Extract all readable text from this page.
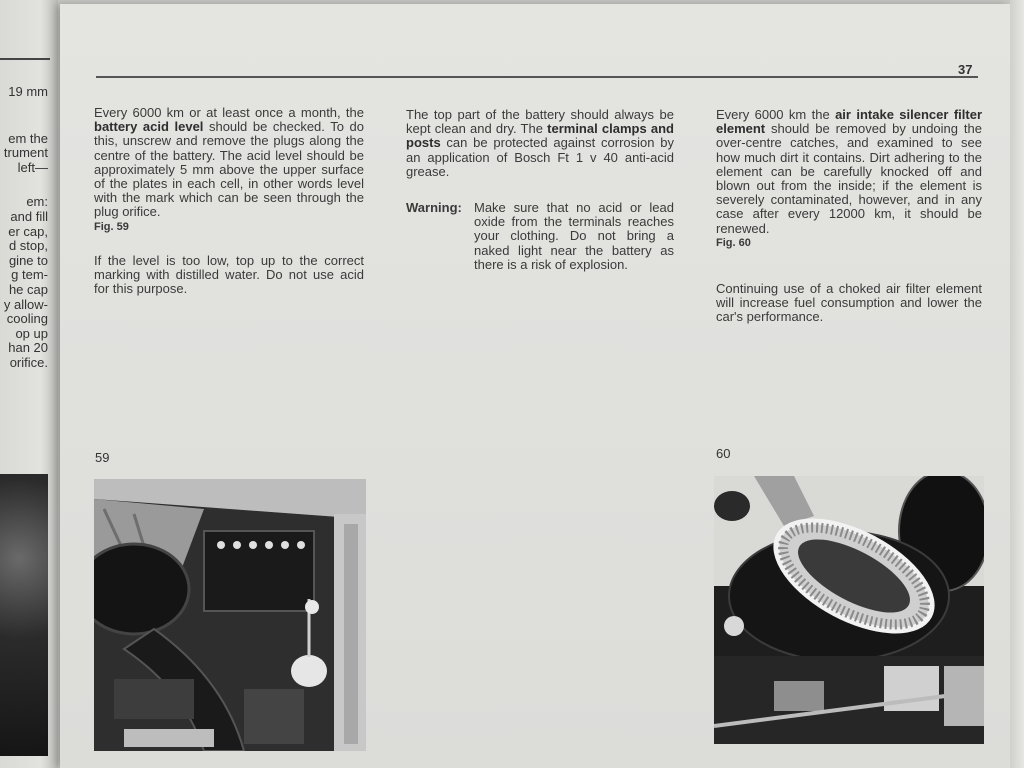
19 mm
em the
trument
left—
em:
and fill
er cap,
d stop,
gine to
g tem-
he cap
y allow-
cooling
op up
han 20
orifice.
37

Every 6000 km or at least once a month, the battery acid level should be checked. To do this, unscrew and remove the plugs along the centre of the battery. The acid level should be approximately 5 mm above the upper surface of the plates in each cell, in other words level with the mark which can be seen through the plug orifice.

Fig. 59

If the level is too low, top up to the correct marking with distilled water. Do not use acid for this purpose.

The top part of the battery should always be kept clean and dry. The terminal clamps and posts can be protected against corrosion by an application of Bosch Ft 1 v 40 anti-acid grease.

Warning: Make sure that no acid or lead oxide from the terminals reaches your clothing. Do not bring a naked light near the battery as there is a risk of explosion.

Every 6000 km the air intake silencer filter element should be removed by undoing the over-centre catches, and examined to see how much dirt it contains. Dirt adhering to the element can be carefully knocked off and blown out from the inside; if the element is severely contaminated, however, and in any case after every 12000 km, it should be renewed.

Fig. 60

Continuing use of a choked air filter element will increase fuel consumption and lower the car's performance.

59	60
